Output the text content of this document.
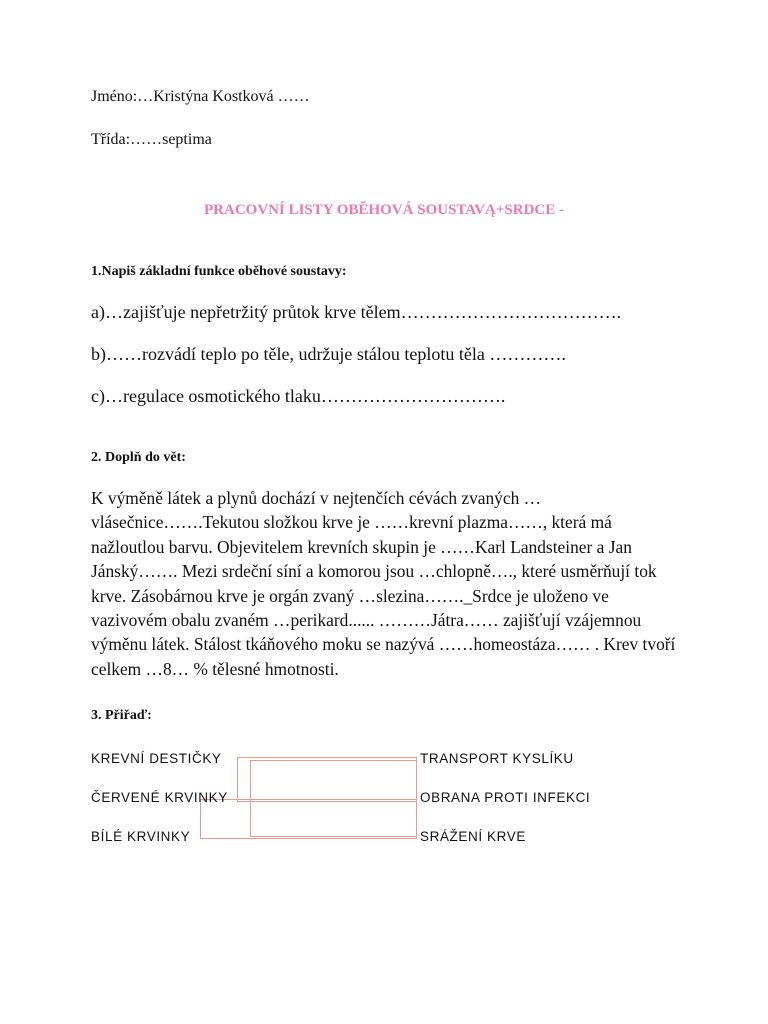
Jméno:…Kristýna Kostková ……
Třída:……septima
PRACOVNÍ LISTY OBĚHOVÁ SOUSTAVĄ+SRDCE -
1.Napiš základní funkce oběhové soustavy:
a)…zajišťuje nepřetržitý průtok krve tělem……………………………….
b)……rozvádí teplo po těle, udržuje stálou teplotu těla ………….
c)…regulace osmotického tlaku………………………….
2. Doplň do vět:
K výměně látek a plynů dochází v nejtenčích cévách zvaných …
vlásečnice…….Tekutou složkou krve je ……krevní plazma……, která má
nažloutlou barvu. Objevitelem krevních skupin je ……Karl Landsteiner a Jan
Jánský……. Mezi srdeční síní a komorou jsou …chlopně…., které usměrňují tok
krve. Zásobárnou krve je orgán zvaný …slezina……._Srdce je uloženo ve
vazivovém obalu zvaném …perikard...... ………Játra…… zajišťují vzájemnou
výměnu látek. Stálost tkáňového moku se nazývá ……homeostáza…… . Krev tvoří
celkem …8… % tělesné hmotnosti.
3. Přiřaď:
KREVNÍ DESTIČKY
ČERVENÉ KRVINKY
BÍLÉ KRVINKY
TRANSPORT KYSLÍKU
OBRANA PROTI INFEKCI
SRÁŽENÍ KRVE
